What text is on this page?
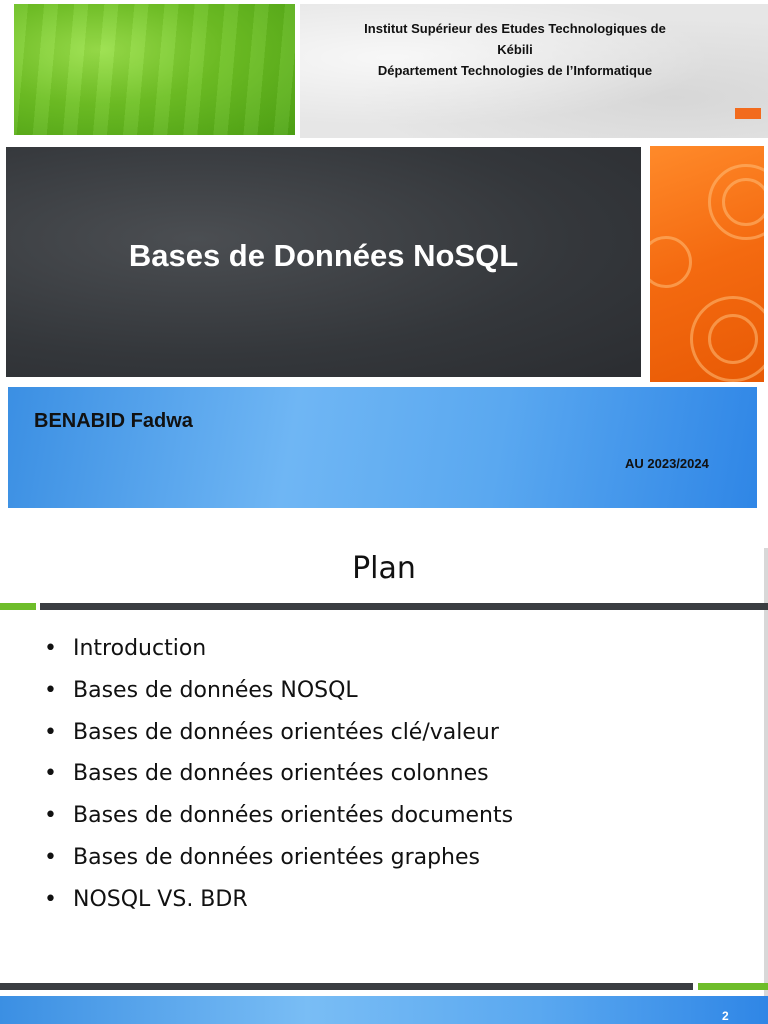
Institut Supérieur des Etudes Technologiques de
Kébili
Département Technologies de l’Informatique
Bases de Données NoSQL
BENABID Fadwa
AU 2023/2024
Plan
• Introduction
• Bases de données NOSQL
• Bases de données orientées clé/valeur
• Bases de données orientées colonnes
• Bases de données orientées documents
• Bases de données orientées graphes
• NOSQL VS. BDR
2
